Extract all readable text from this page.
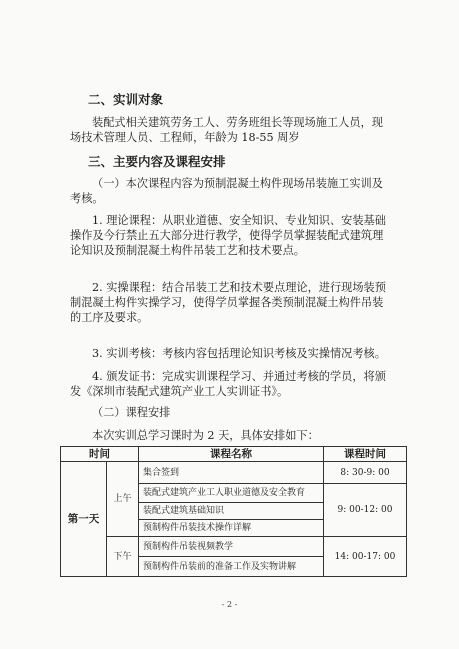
二、实训对象
装配式相关建筑劳务工人、劳务班组长等现场施工人员，现
场技术管理人员、工程师，年龄为 18-55 周岁
三、主要内容及课程安排
（一）本次课程内容为预制混凝土构件现场吊装施工实训及
考核。
1. 理论课程：从职业道德、安全知识、专业知识、安装基础
操作及今行禁止五大部分进行教学，使得学员掌握装配式建筑理
论知识及预制混凝土构件吊装工艺和技术要点。
2. 实操课程：结合吊装工艺和技术要点理论，进行现场装预
制混凝土构件实操学习，使得学员掌握各类预制混凝土构件吊装
的工序及要求。
3. 实训考核：考核内容包括理论知识考核及实操情况考核。
4. 颁发证书：完成实训课程学习、并通过考核的学员，将颁
发《深圳市装配式建筑产业工人实训证书》。
（二）课程安排
本次实训总学习课时为 2 天，具体安排如下：
时间		课程名称	课程时间
第一天	上午	集合签到	8: 30-9: 00
		装配式建筑产业工人职业道德及安全教育	9: 00-12: 00
		装配式建筑基础知识	
		预制构件吊装技术操作详解	
	下午	预制构件吊装视频教学	14: 00-17: 00
		预制构件吊装前的准备工作及实物讲解	
- 2 -
